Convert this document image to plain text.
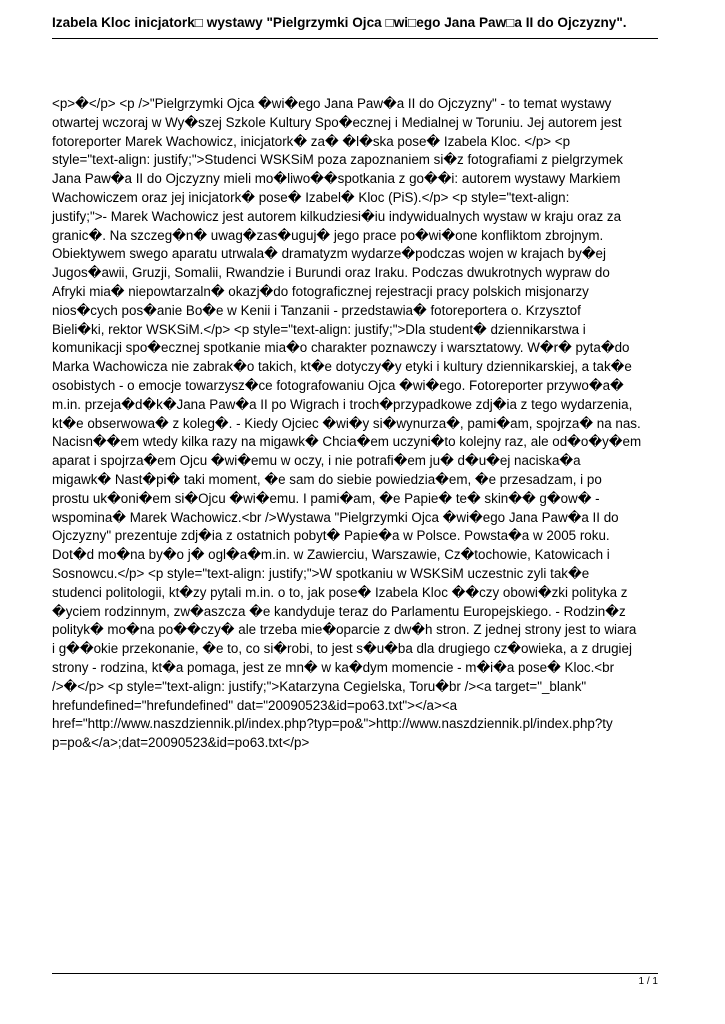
Izabela Kloc inicjatork□ wystawy "Pielgrzymki Ojca □wi□ego Jana Paw□a II do Ojczyzny".
<p>�</p> <p />"Pielgrzymki Ojca �wi�ego Jana Paw�a II do Ojczyzny" - to temat wystawy
otwartej wczoraj w Wy�szej Szkole Kultury Spo�ecznej i Medialnej w Toruniu. Jej autorem jest
fotoreporter Marek Wachowicz, inicjatork� za� �l�ska pose� Izabela Kloc. </p> <p
style="text-align: justify;">Studenci WSKSiM poza zapoznaniem si�z fotografiami z pielgrzymek
Jana Paw�a II do Ojczyzny mieli mo�liwo��spotkania z go��i: autorem wystawy Markiem
Wachowiczem oraz jej inicjatork� pose� Izabel� Kloc (PiS).</p> <p style="text-align:
justify;">- Marek Wachowicz jest autorem kilkudziesi�iu indywidualnych wystaw w kraju oraz za
granic�. Na szczeg�n� uwag�zas�uguj� jego prace po�wi�one konfliktom zbrojnym.
Obiektywem swego aparatu utrwala� dramatyzm wydarze�podczas wojen w krajach by�ej
Jugos�awii, Gruzji, Somalii, Rwandzie i Burundi oraz Iraku. Podczas dwukrotnych wypraw do
Afryki mia� niepowtarzaln� okazj�do fotograficznej rejestracji pracy polskich misjonarzy
nios�cych pos�anie Bo�e w Kenii i Tanzanii - przedstawia� fotoreportera o. Krzysztof
Bieli�ki, rektor WSKSiM.</p> <p style="text-align: justify;">Dla student� dziennikarstwa i
komunikacji spo�ecznej spotkanie mia�o charakter poznawczy i warsztatowy. W�r� pyta�do
Marka Wachowicza nie zabrak�o takich, kt�e dotyczy�y etyki i kultury dziennikarskiej, a tak�e
osobistych - o emocje towarzysz�ce fotografowaniu Ojca �wi�ego. Fotoreporter przywo�a�
m.in. przeja�d�k�Jana Paw�a II po Wigrach i troch�przypadkowe zdj�ia z tego wydarzenia,
kt�e obserwowa� z koleg�. - Kiedy Ojciec �wi�y si�wynurza�, pami�am, spojrza� na nas.
Nacisn��em wtedy kilka razy na migawk� Chcia�em uczyni�to kolejny raz, ale od�o�y�em
aparat i spojrza�em Ojcu �wi�emu w oczy, i nie potrafi�em ju� d�u�ej naciska�a
migawk� Nast�pi� taki moment, �e sam do siebie powiedzia�em, �e przesadzam, i po
prostu uk�oni�em si�Ojcu �wi�emu. I pami�am, �e Papie� te� skin�� g�ow� -
wspomina� Marek Wachowicz.<br />Wystawa "Pielgrzymki Ojca �wi�ego Jana Paw�a II do
Ojczyzny" prezentuje zdj�ia z ostatnich pobyt� Papie�a w Polsce. Powsta�a w 2005 roku.
Dot�d mo�na by�o j� ogl�a�m.in. w Zawierciu, Warszawie, Cz�tochowie, Katowicach i
Sosnowcu.</p> <p style="text-align: justify;">W spotkaniu w WSKSiM uczestnic zyli tak�e
studenci politologii, kt�zy pytali m.in. o to, jak pose� Izabela Kloc ��czy obowi�zki polityka z
�yciem rodzinnym, zw�aszcza �e kandyduje teraz do Parlamentu Europejskiego. - Rodzin�z
polityk� mo�na po��czy� ale trzeba mie�oparcie z dw�h stron. Z jednej strony jest to wiara
i g��okie przekonanie, �e to, co si�robi, to jest s�u�ba dla drugiego cz�owieka, a z drugiej
strony - rodzina, kt�a pomaga, jest ze mn� w ka�dym momencie - m�i�a pose� Kloc.<br
/>�</p> <p style="text-align: justify;">Katarzyna Cegielska, Toru�br /><a target="_blank"
hrefundefined="hrefundefined" dat="20090523&id=po63.txt"></a><a
href="http://www.naszdziennik.pl/index.php?typ=po&">http://www.naszdziennik.pl/index.php?ty
p=po&</a>;dat=20090523&id=po63.txt</p>
1 / 1
